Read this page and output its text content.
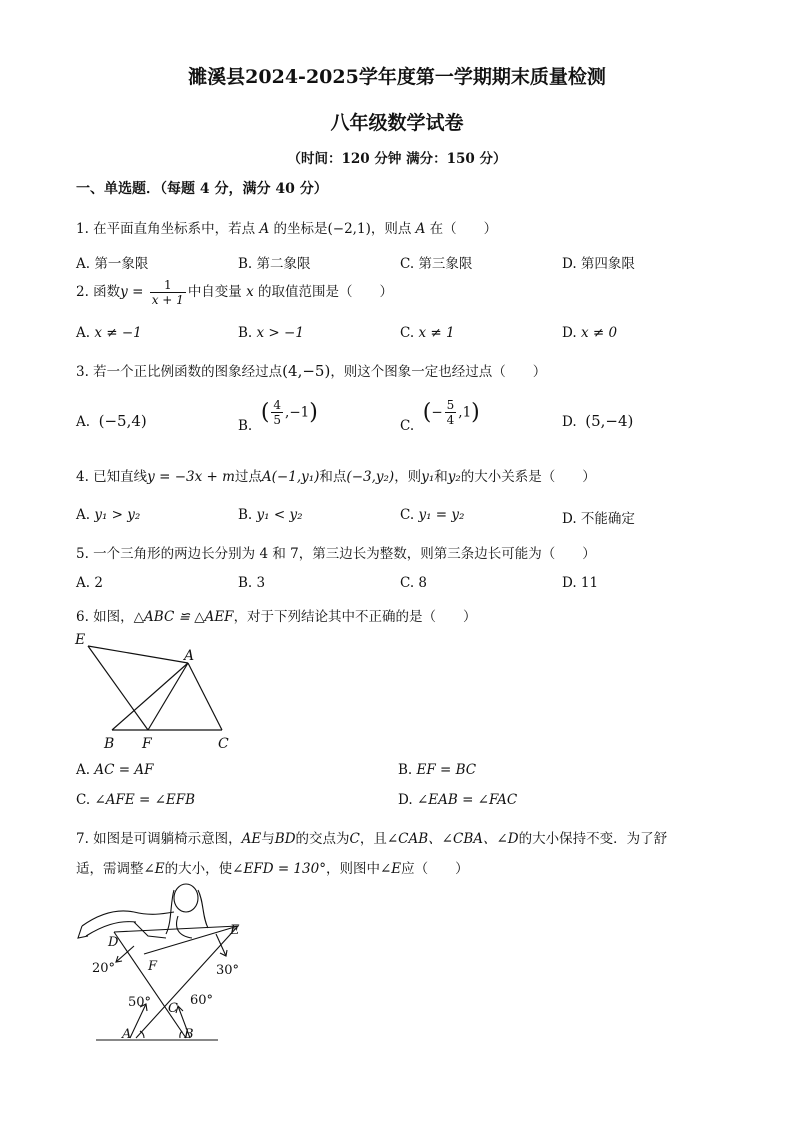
濉溪县2024-2025学年度第一学期期末质量检测
八年级数学试卷
（时间：120 分钟 满分：150 分）
一、单选题．（每题 4 分，满分 40 分）
1. 在平面直角坐标系中，若点 A 的坐标是(−2,1)，则点 A 在（　　）
A. 第一象限	B. 第二象限	C. 第三象限	D. 第四象限
2. 函数$y = \frac{1}{x + 1}$ 中自变量 x 的取值范围是（　　）
A. x ≠ −1	B. x > −1	C. x ≠ 1	D. x ≠ 0
3. 若一个正比例函数的图象经过点(4,−5)，则这个图象一定也经过点（　　）
A. (−5,4)	B.  ( $\frac{4}{5} ,-1$)
C.  (− $\frac{5}{4} ,1$)	D. (5,−4)
4. 已知直线y = −3x + m过点A(−1,y₁)和点(−3,y₂)，则y₁和y₂的大小关系是（　　）
A. y₁ > y₂	B. y₁ < y₂	C. y₁ = y₂	D. 不能确定
5. 一个三角形的两边长分别为 4 和 7，第三边长为整数，则第三条边长可能为（　　）
A. 2	B. 3	C. 8	D. 11
6. 如图，△ABC ≌ △AEF，对于下列结论其中不正确的是（　　）
E
A
B F	C
A. AC = AF	B. EF = BC
C. ∠AFE = ∠EFB	D. ∠EAB = ∠FAC
7. 如图是可调躺椅示意图，AE与BD的交点为C，且∠CAB、∠CBA、∠D的大小保持不变．为了舒
适，需调整∠E的大小，使∠EFD = 130°，则图中∠E应（　　）
D
E
F
C
A	B
20°	30°
50°	60°
